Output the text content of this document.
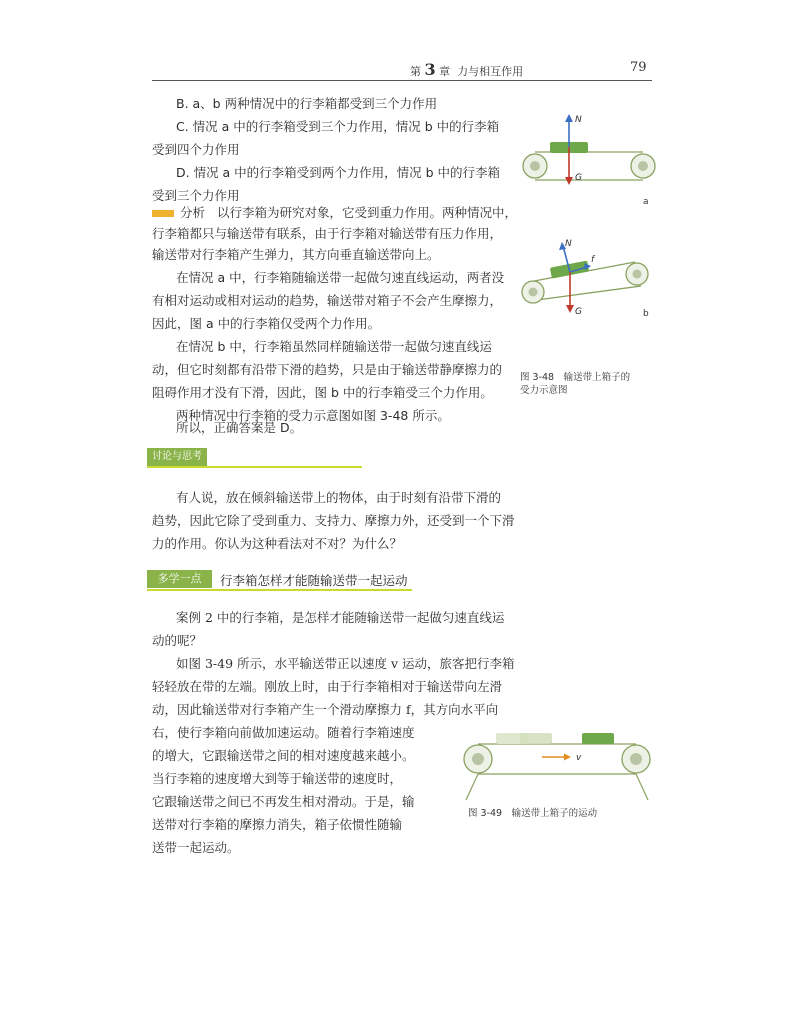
第 3 章 力与相互作用	79
B. a、b 两种情况中的行李箱都受到三个力作用
C. 情况 a 中的行李箱受到三个力作用，情况 b 中的行李箱
受到四个力作用
D. 情况 a 中的行李箱受到两个力作用，情况 b 中的行李箱
受到三个力作用
分析 以行李箱为研究对象，它受到重力作用。两种情况中，
行李箱都只与输送带有联系，由于行李箱对输送带有压力作用，
输送带对行李箱产生弹力，其方向垂直输送带向上。
在情况 a 中，行李箱随输送带一起做匀速直线运动，两者没
有相对运动或相对运动的趋势，输送带对箱子不会产生摩擦力，
因此，图 a 中的行李箱仅受两个力作用。
在情况 b 中，行李箱虽然同样随输送带一起做匀速直线运
动，但它时刻都有沿带下滑的趋势，只是由于输送带静摩擦力的
阻碍作用才没有下滑，因此，图 b 中的行李箱受三个力作用。
两种情况中行李箱的受力示意图如图 3-48 所示。
N
G
a
N
f
G	b
图 3-48　输送带上箱子的
受力示意图
讨论与思考
有人说，放在倾斜输送带上的物体，由于时刻有沿带下滑的
趋势，因此它除了受到重力、支持力、摩擦力外，还受到一个下滑
力的作用。你认为这种看法对不对？为什么？
多学一点	行李箱怎样才能随输送带一起运动
案例 2 中的行李箱，是怎样才能随输送带一起做匀速直线运
动的呢？
如图 3-49 所示，水平输送带正以速度 v 运动，旅客把行李箱
轻轻放在带的左端。刚放上时，由于行李箱相对于输送带向左滑
动，因此输送带对行李箱产生一个滑动摩擦力 f，其方向水平向
右，使行李箱向前做加速运动。随着行李箱速度
的增大，它跟输送带之间的相对速度越来越小。
当行李箱的速度增大到等于输送带的速度时，
它跟输送带之间已不再发生相对滑动。于是，输
送带对行李箱的摩擦力消失，箱子依惯性随输
送带一起运动。
v
图 3-49　输送带上箱子的运动
所以，正确答案是 D。
